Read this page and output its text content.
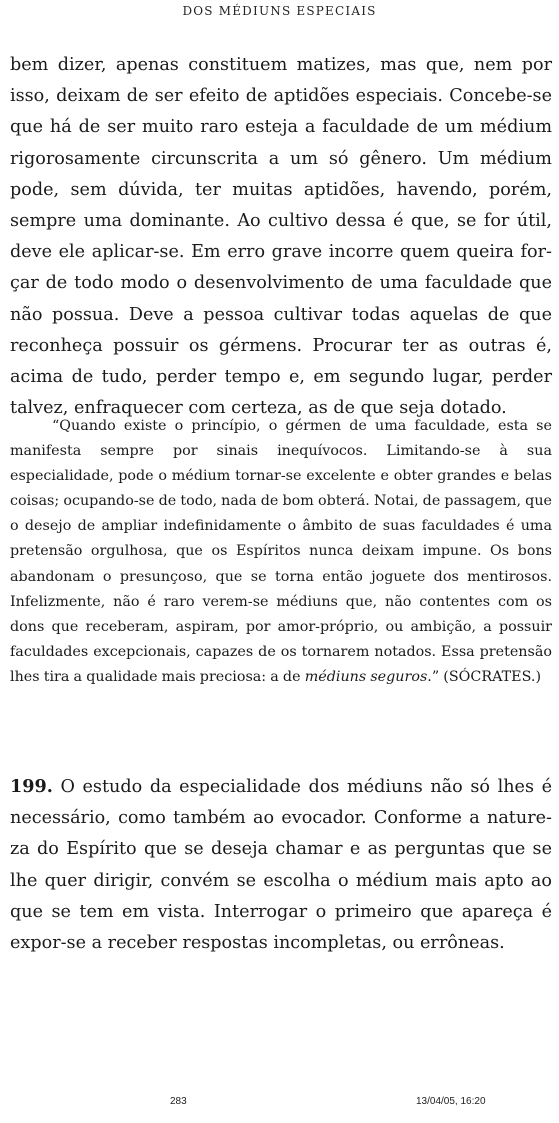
DOS MÉDIUNS ESPECIAIS

bem dizer, apenas constituem matizes, mas que, nem por isso, deixam de ser efeito de aptidões especiais. Concebe-se que há de ser muito raro esteja a faculdade de um médium rigorosamente circunscrita a um só gênero. Um médium pode, sem dúvida, ter muitas aptidões, havendo, porém, sempre uma dominante. Ao cultivo dessa é que, se for útil, deve ele aplicar-se. Em erro grave incorre quem queira forçar de todo modo o desenvolvimento de uma faculdade que não possua. Deve a pessoa cultivar todas aquelas de que reconheça possuir os gérmens. Procurar ter as outras é, acima de tudo, perder tempo e, em segundo lugar, perder talvez, enfraquecer com certeza, as de que seja dotado.

“Quando existe o princípio, o gérmen de uma faculdade, esta se manifesta sempre por sinais inequívocos. Limitando-se à sua especialidade, pode o médium tornar-se excelente e obter grandes e belas coisas; ocupando-se de todo, nada de bom obterá. Notai, de passagem, que o desejo de ampliar indefinidamente o âmbito de suas faculdades é uma pretensão orgulhosa, que os Espíritos nunca deixam impune. Os bons abandonam o presunçoso, que se torna então joguete dos mentirosos. Infelizmente, não é raro verem-se médiuns que, não contentes com os dons que receberam, aspiram, por amor-próprio, ou ambição, a possuir faculdades excepcionais, capazes de os tornarem notados. Essa pretensão lhes tira a qualidade mais preciosa: a de médiuns seguros.” (SÓCRATES.)

199. O estudo da especialidade dos médiuns não só lhes é necessário, como também ao evocador. Conforme a natureza do Espírito que se deseja chamar e as perguntas que se lhe quer dirigir, convém se escolha o médium mais apto ao que se tem em vista. Interrogar o primeiro que apareça é expor-se a receber respostas incompletas, ou errôneas.

283	13/04/05, 16:20
